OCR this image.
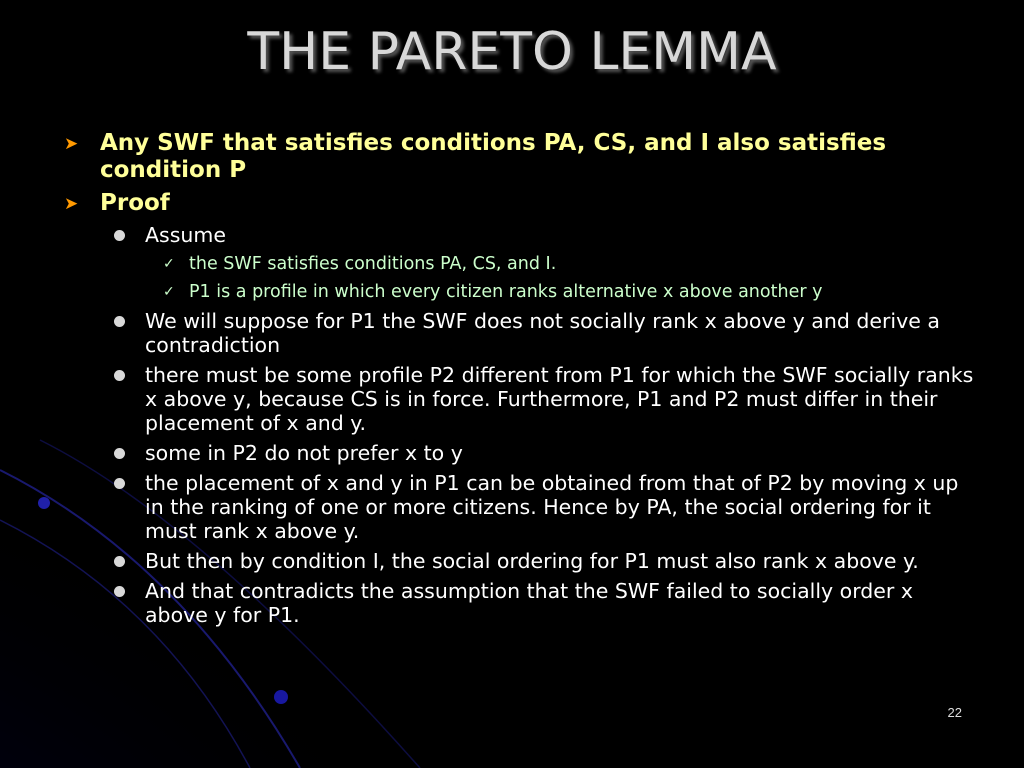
THE PARETO LEMMA
➤ Any SWF that satisfies conditions PA, CS, and I also satisfies condition P
➤ Proof
Assume
✓ the SWF satisfies conditions PA, CS, and I.
✓ P1 is a profile in which every citizen ranks alternative x above another y
We will suppose for P1 the SWF does not socially rank x above y and derive a contradiction
there must be some profile P2 different from P1 for which the SWF socially ranks x above y, because CS is in force. Furthermore, P1 and P2 must differ in their placement of x and y.
some in P2 do not prefer x to y
the placement of x and y in P1 can be obtained from that of P2 by moving x up in the ranking of one or more citizens. Hence by PA, the social ordering for it must rank x above y.
But then by condition I, the social ordering for P1 must also rank x above y.
And that contradicts the assumption that the SWF failed to socially order x above y for P1.
22
